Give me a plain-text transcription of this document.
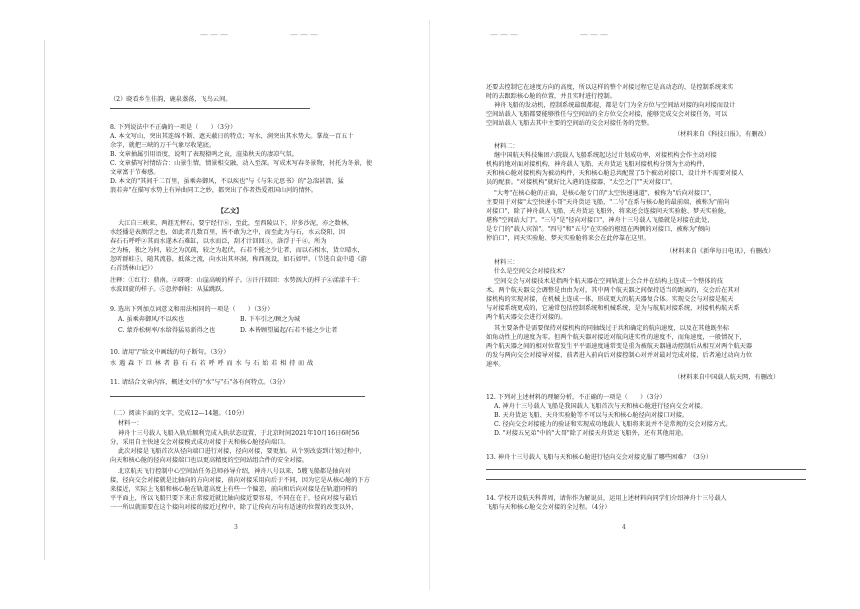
———	———
（2）晓看乡生佳韵，鹿泉蒸荡，飞鸟云间。
8. 下列说法中不正确的一项是（　　）（3分）
A. 本文写山，突出其连绵不断、遮天蔽日的特点；写水，润突出其水势大。掌故一百五十
余字，就把三峡的万千气象尽收笔底。
B. 文章抽属引用语度，说明了表现猿鸣之哀，渲染秋天的凄凉气氛。
C. 文章描写衬情结合：山景生情，情景相交融，动入至深。写成术写春冬景物，衬托为冬景，使
文章富于节奏感。
D. 本文的"其间千二百里，虽乘奔御风，不以疾也"与《与朱元思书》的"急湍甚箭，猛
浪若奔"在描写水势上有异曲同工之妙，都突出了作者热爱祖国山河的情怀。
【乙文】
大江自三峡来，两涯无秤石，要宁经行⑥，至此，至西陵以下，岸多沙泥，亦之数林，
水经播是表测浮之也，如此者几数百里，皆不敢为之中，而至此为与石，水云绕阳，因
春石石呼呼②其而水遂木石难缸，以水而泛，刮才汁回回③，洛浮于千④，所为
之为杨，独之为何，较之为沉疏，较之为起伏，石若不能之少让者，而以石相水，货立晴水，
忽听群蛙⑤，随其流暮，抵落之流，向水出其坏洞，称西视设，如石如甲。（节选自袁中道《游
石首绣林山记》）
注释：①红行：鼎南。②呀呀：山崖高峻的样子。③汗汗回回：水势汹大的样子④漾漾千千：
水波回旋的样子。⑤忽停群蛙：从猛跳跃。
9. 选出下列加点词意义和用法相同的一项是（　　）（3分）
A. 虽乘奔御风/不以疾也	B. 下车引之/顾之为城
C. 蒙乔松树率/水给得猛易新得之也	D. 本皆顾望属起/石若不能之少让者
10. 请用"/"给文中画线的句子断句。（3分）
水 遇 森 下 巨 林 者 暮 石 石 若 呼 呼 而 水 与 石 始 若 相 持 而 战
11. 请结合文章内容，概述文中的"水"与"石"各有何特点。（3分）
（二）阅读下面的文字，完成12—14题。（10分）
材料一：
神舟十三号载人飞船入轨后顺利完成入轨状态设置，于北京时间2021年10月16日6时56
分，采用自主快速交会对接模式成功对接于天和核心舱径向端口。
此次对接是飞船首次从径向端口进行对接，径向对接，要更加。从个别改姿到计划过程中，
向天和核心舱的径向对接端口也以更高精度的空间站组合件的安全对接。
北京航天飞行控制中心空间站任务总师孙导介绍，神舟八号以来，5艘飞船都是轴向对
接，径向交会对接就是比轴向的方向对接，前向对接采用向后于不同，因为它是从核心舱的下方
来接近，实际上飞船和核心舱在轨道高度上有些一个偏差，前向和后向对接是在轨道同样的
平平面上，所以飞船只要下来正常接近就比轴向接近要容易，不同在在于，径向对接与最后
一一所以就需要在这个接向对接的接近过程中，除了让传向方向有适速的位置的改变以外，
3
———	———
还要去控制它在速度方向的高度，所以这样的整个对接过程它是高动态的，是控制系统来实
时的去跟踪核心舱的位置，并且实时进行控制。
神舟飞船的发动机，控制系统最级都提，都是专门为全方位与空间站对接的向对接而设计
空间站载人飞船都要能够胜任与空间站的全方位交会对接，能够完成交会对接任务，可以
空间站载人飞船去其中主要的空间站的交会对接任务的完整。
（材料来自《科技日报》，有删改）
材料二：
继中国航天科技集团六院载人飞船系统起达过计划成功率，对接机构会作主动对接
机构的地对面对接机构，神舟载人飞船、天舟货运飞船对接机构分别为主动构件，
天和核心舱对接机构为被动构件，天和核心舱总共配置了5个被动对接口，设计并不需要对接人
员的配套。"对接机构"就好比入港的连接器，"太空之门""天对接口"。
"大考"在核心舱的正面，是核心舱专门的"太空快递通道"，被称为"后向对接口"，
主要用于对接"太空快递小哥"天舟货运飞船，"二号"在系与核心舱的最前端，被称为"前向
对接口"，除了神舟载人飞船、天舟货运飞船外，将来还会连接问天实验舱、梦天实验舱，
堪称"空间站大门"。"三号"是"径向对接口"，神舟十三号载人飞船就是对接在此处，
是专门的"载人宾馆"。"四号"和"五号"在实验的枢纽在两侧的对接口，被称为"侧向
停泊口"，问天实验舱、梦天实验舱将来会在此停靠在这里。
（材料来自《新华每日电讯》，有删改）
材料三：
什么是空间交会对接技术？
空间交会与对接技术是指两个航天器在空间轨道上会合并在结构上连成一个整体的技
术。两个航天器交会调整是由由为对，其中两个航天器之间保持适当的距离的，交会后在其对
接机构的实现对接，在机械上连成一体，形成更大的航天器复合体。实现交会与对接是航天
与对接系统更成的，它通常包括控制系统和机械系统，是为与航航对接系统，对接机构航天系
两个航天器交会进行对接的。
其主要条件是需要保持对接机构的同轴线过于共和确定的航向速度，以及在其他既坐标
如角动性上的速度为零。但两个航天器对接近对航向进实性的速度不，而角速度，一般情况下，
两个航天器之间的相对位置发生平平需速度通常变是重为被航天器通动控制后从相互对两个航天器
的发与两向交会对接导对接，前者进入前向后对接控制心对并对最对完成对接，后者通过动向力位
速率。
（材料来自中国载人航天网，有删改）
12. 下列对上述材料的理解分析，不正确的一项是（　　）（3分）
A. 神舟十三号载人飞船是我国载人飞船首次与天和核心舱进行径向交会对接。
B. 天舟货运飞船、天舟实验舱等不可以与天和核心舱径向对接口对接。
C. 径向交会对接能力的验证和实现成功地载人飞船将来说并不是常规的交会对接方式。
D. "对接五兄弟"中的"大哥"除了对接天舟货运飞船外，还有其他用途。
13. 神舟十三号载人飞船与天和核心舱进行径向交会对接克服了哪些困难？（3分）
14. 学校开设航天科普周，请你作为解说员，运用上述材料向同学们介绍神舟十三号载人
飞船与天和核心舱交会对接的全过程。（4分）
4
